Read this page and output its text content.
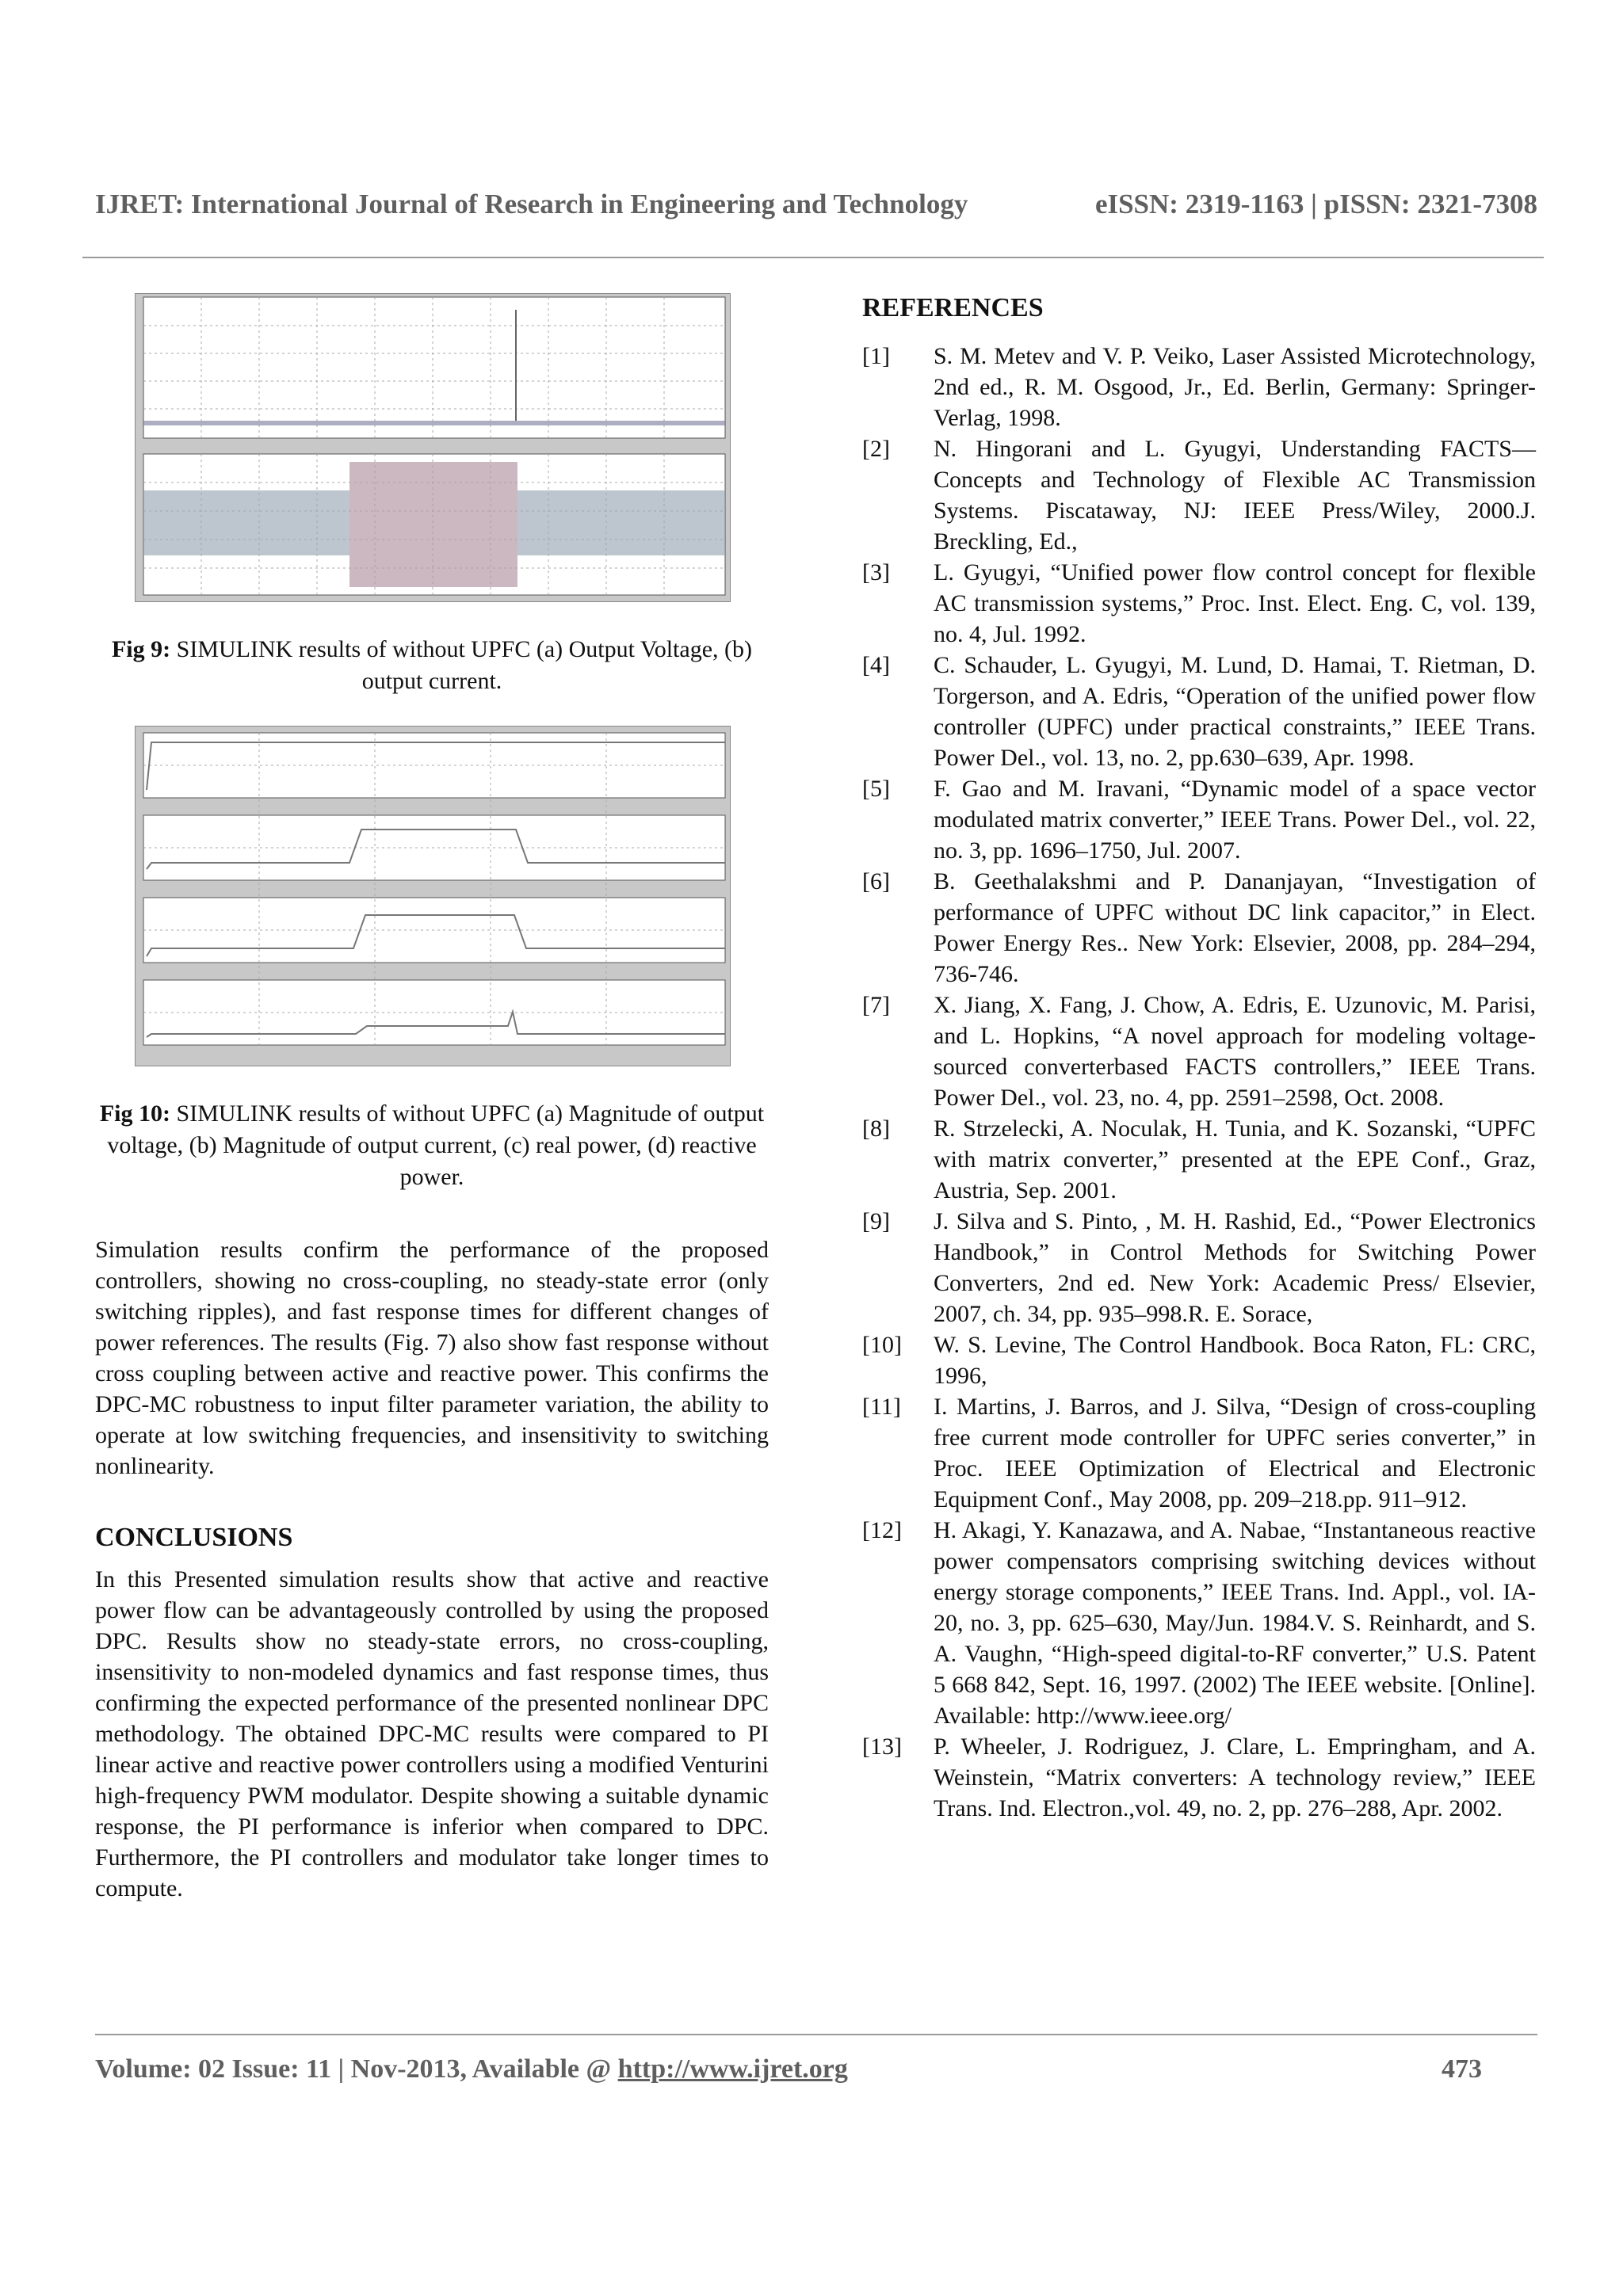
IJRET: International Journal of Research in Engineering and Technology	eISSN: 2319-1163 | pISSN: 2321-7308
Fig 9: SIMULINK results of without UPFC (a) Output Voltage, (b) output current.
Fig 10: SIMULINK results of without UPFC (a) Magnitude of output voltage, (b) Magnitude of output current, (c) real power, (d) reactive power.

Simulation results confirm the performance of the proposed controllers, showing no cross-coupling, no steady-state error (only switching ripples), and fast response times for different changes of power references. The results (Fig. 7) also show fast response without cross coupling between active and reactive power. This confirms the DPC-MC robustness to input filter parameter variation, the ability to operate at low switching frequencies, and insensitivity to switching nonlinearity.

CONCLUSIONS

In this Presented simulation results show that active and reactive power flow can be advantageously controlled by using the proposed DPC. Results show no steady-state errors, no cross-coupling, insensitivity to non-modeled dynamics and fast response times, thus confirming the expected performance of the presented nonlinear DPC methodology. The obtained DPC-MC results were compared to PI linear active and reactive power controllers using a modified Venturini high-frequency PWM modulator. Despite showing a suitable dynamic response, the PI performance is inferior when compared to DPC. Furthermore, the PI controllers and modulator take longer times to compute.

REFERENCES
[1]	S. M. Metev and V. P. Veiko, Laser Assisted Microtechnology, 2nd ed., R. M. Osgood, Jr., Ed. Berlin, Germany: Springer-Verlag, 1998.
[2]	N. Hingorani and L. Gyugyi, Understanding FACTS—Concepts and Technology of Flexible AC Transmission Systems. Piscataway, NJ: IEEE Press/Wiley, 2000.J. Breckling, Ed.,
[3]	L. Gyugyi, “Unified power flow control concept for flexible AC transmission systems,” Proc. Inst. Elect. Eng. C, vol. 139, no. 4, Jul. 1992.
[4]	C. Schauder, L. Gyugyi, M. Lund, D. Hamai, T. Rietman, D. Torgerson, and A. Edris, “Operation of the unified power flow controller (UPFC) under practical constraints,” IEEE Trans. Power Del., vol. 13, no. 2, pp.630–639, Apr. 1998.
[5]	F. Gao and M. Iravani, “Dynamic model of a space vector modulated matrix converter,” IEEE Trans. Power Del., vol. 22, no. 3, pp. 1696–1750, Jul. 2007.
[6]	B. Geethalakshmi and P. Dananjayan, “Investigation of performance of UPFC without DC link capacitor,” in Elect. Power Energy Res.. New York: Elsevier, 2008, pp. 284–294, 736-746.
[7]	X. Jiang, X. Fang, J. Chow, A. Edris, E. Uzunovic, M. Parisi, and L. Hopkins, “A novel approach for modeling voltage-sourced converterbased FACTS controllers,” IEEE Trans. Power Del., vol. 23, no. 4, pp. 2591–2598, Oct. 2008.
[8]	R. Strzelecki, A. Noculak, H. Tunia, and K. Sozanski, “UPFC with matrix converter,” presented at the EPE Conf., Graz, Austria, Sep. 2001.
[9]	J. Silva and S. Pinto, , M. H. Rashid, Ed., “Power Electronics Handbook,” in Control Methods for Switching Power Converters, 2nd ed. New York: Academic Press/ Elsevier, 2007, ch. 34, pp. 935–998.R. E. Sorace,
[10]	W. S. Levine, The Control Handbook. Boca Raton, FL: CRC, 1996,
[11]	I. Martins, J. Barros, and J. Silva, “Design of cross-coupling free current mode controller for UPFC series converter,” in Proc. IEEE Optimization of Electrical and Electronic Equipment Conf., May 2008, pp. 209–218.pp. 911–912.
[12]	H. Akagi, Y. Kanazawa, and A. Nabae, “Instantaneous reactive power compensators comprising switching devices without energy storage components,” IEEE Trans. Ind. Appl., vol. IA-20, no. 3, pp. 625–630, May/Jun. 1984.V. S. Reinhardt, and S. A. Vaughn, “High-speed digital-to-RF converter,” U.S. Patent 5 668 842, Sept. 16, 1997. (2002) The IEEE website. [Online]. Available: http://www.ieee.org/
[13]	P. Wheeler, J. Rodriguez, J. Clare, L. Empringham, and A. Weinstein, “Matrix converters: A technology review,” IEEE Trans. Ind. Electron.,vol. 49, no. 2, pp. 276–288, Apr. 2002.
Volume: 02 Issue: 11 | Nov-2013, Available @ http://www.ijret.org	473
